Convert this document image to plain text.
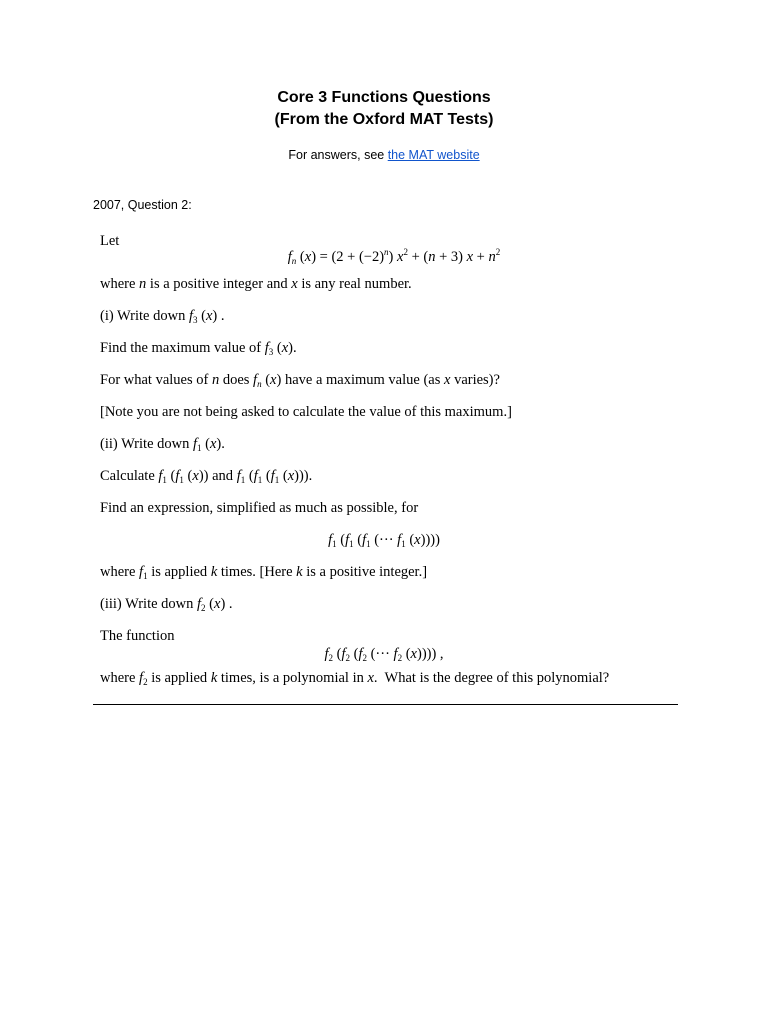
Core 3 Functions Questions
(From the Oxford MAT Tests)
For answers, see the MAT website
2007, Question 2:
Let
$f_n$ $(x) = (2 + (-2)^n)$ $x^2 + (n + 3) x + n^2$
where n is a positive integer and x is any real number.
(i) Write down $f_3$ (x) .
Find the maximum value of $f_3$ (x).
For what values of n does $f_n$ (x) have a maximum value (as x varies)?
[Note you are not being asked to calculate the value of this maximum.]
(ii) Write down $f_1$ (x).
Calculate $f_1$ ($f_1$ (x)) and $f_1$ ($f_1$ ($f_1$ (x))).
Find an expression, simplified as much as possible, for
$f_1$ ($f_1$ ($f_1$ (··· $f_1$ (x))))
where $f_1$ is applied k times. [Here k is a positive integer.]
(iii) Write down $f_2$ (x) .
The function
$f_2$ ($f_2$ ($f_2$ (··· $f_2$ (x)))) ,
where $f_2$ is applied k times, is a polynomial in x.  What is the degree of this polynomial?
